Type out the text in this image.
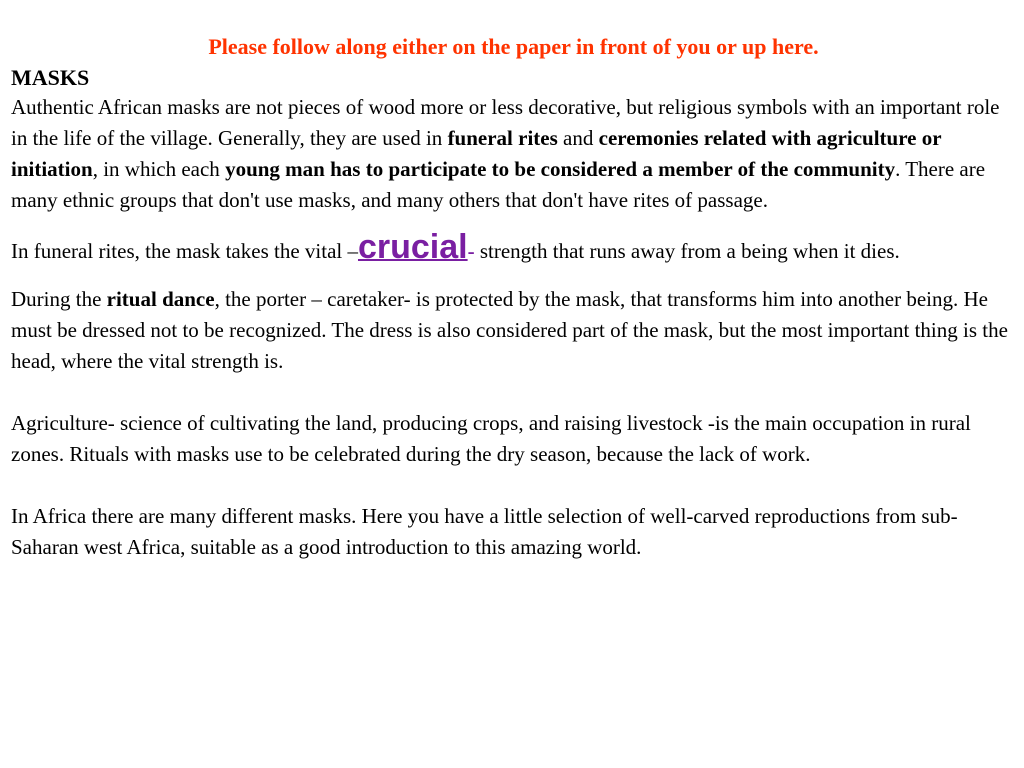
Please follow along either on the paper in front of you or up here.

MASKS

Authentic African masks are not pieces of wood more or less decorative, but religious symbols with an important role in the life of the village. Generally, they are used in funeral rites and ceremonies related with agriculture or initiation, in which each young man has to participate to be considered a member of the community. There are many ethnic groups that don't use masks, and many others that don't have rites of passage.

In funeral rites, the mask takes the vital –crucial- strength that runs away from a being when it dies.

During the ritual dance, the porter – caretaker- is protected by the mask, that transforms him into another being. He must be dressed not to be recognized. The dress is also considered part of the mask, but the most important thing is the head, where the vital strength is.

Agriculture- science of cultivating the land, producing crops, and raising livestock -is the main occupation in rural zones. Rituals with masks use to be celebrated during the dry season, because the lack of work.

In Africa there are many different masks. Here you have a little selection of well-carved reproductions from sub-Saharan west Africa, suitable as a good introduction to this amazing world.
